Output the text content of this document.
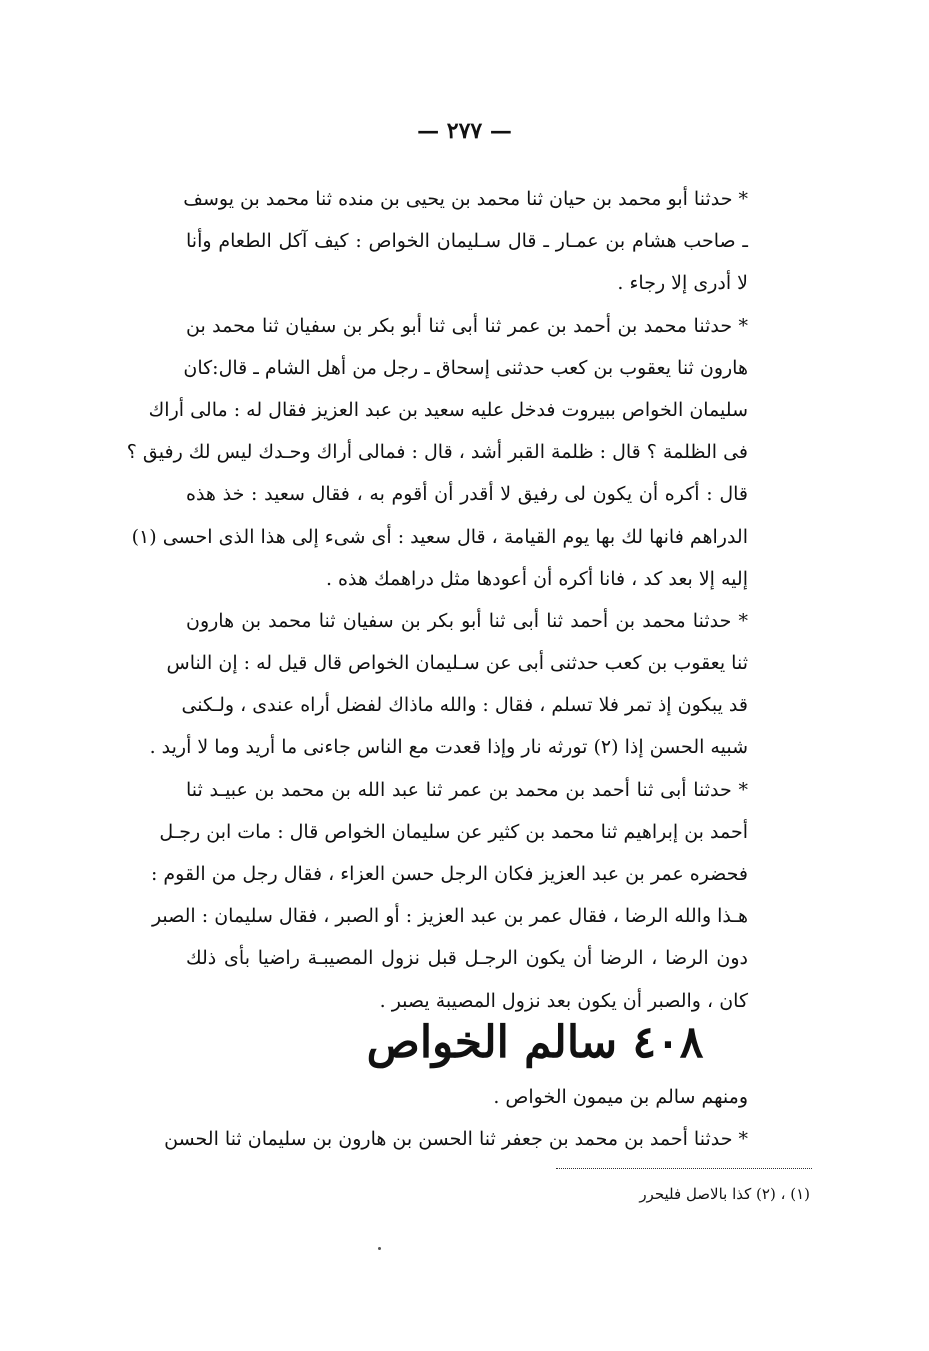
— ٢٧٧ —
* حدثنا أبو محمد بن حيان ثنا محمد بن يحيى بن منده ثنا محمد بن يوسف
ـ صاحب هشام بن عمـار ـ قال سـليمان الخواص : كيف آكل الطعام وأنا
لا أدرى إلا رجاء .
* حدثنا محمد بن أحمد بن عمر ثنا أبى ثنا أبو بكر بن سفيان ثنا محمد بن
هارون ثنا يعقوب بن كعب حدثنى إسحاق ـ رجل من أهل الشام ـ قال:كان
سليمان الخواص ببيروت فدخل عليه سعيد بن عبد العزيز فقال له : مالى أراك
فى الظلمة ؟ قال : ظلمة القبر أشد ، قال : فمالى أراك وحـدك ليس لك رفيق ؟
قال : أكره أن يكون لى رفيق لا أقدر أن أقوم به ، فقال سعيد : خذ هذه
الدراهم فانها لك بها يوم القيامة ، قال سعيد : أى شىء إلى هذا الذى احسى (١)
إليه إلا بعد كد ، فانا أكره أن أعودها مثل دراهمك هذه .
* حدثنا محمد بن أحمد ثنا أبى ثنا أبو بكر بن سفيان ثنا محمد بن هارون
ثنا يعقوب بن كعب حدثنى أبى عن سـليمان الخواص قال قيل له : إن الناس
قد يبكون إذ تمر فلا تسلم ، فقال : والله ماذاك لفضل أراه عندى ، ولـكنى
شبيه الحسن إذا (٢) تورثه نار وإذا قعدت مع الناس جاءنى ما أريد وما لا أريد .
* حدثنا أبى ثنا أحمد بن محمد بن عمر ثنا عبد الله بن محمد بن عبيـد ثنا
أحمد بن إبراهيم ثنا محمد بن كثير عن سليمان الخواص قال : مات ابن رجـل
فحضره عمر بن عبد العزيز فكان الرجل حسن العزاء ، فقال رجل من القوم :
هـذا والله الرضا ، فقال عمر بن عبد العزيز : أو الصبر ، فقال سليمان : الصبر
دون الرضا ، الرضا أن يكون الرجـل قبل نزول المصيبـة راضيا بأى ذلك
كان ، والصبر أن يكون بعد نزول المصيبة يصبر .
٤٠٨ سالم الخواص
ومنهم سالم بن ميمون الخواص .
* حدثنا أحمد بن محمد بن جعفر ثنا الحسن بن هارون بن سليمان ثنا الحسن
(١) ، (٢) كذا بالاصل فليحرر
